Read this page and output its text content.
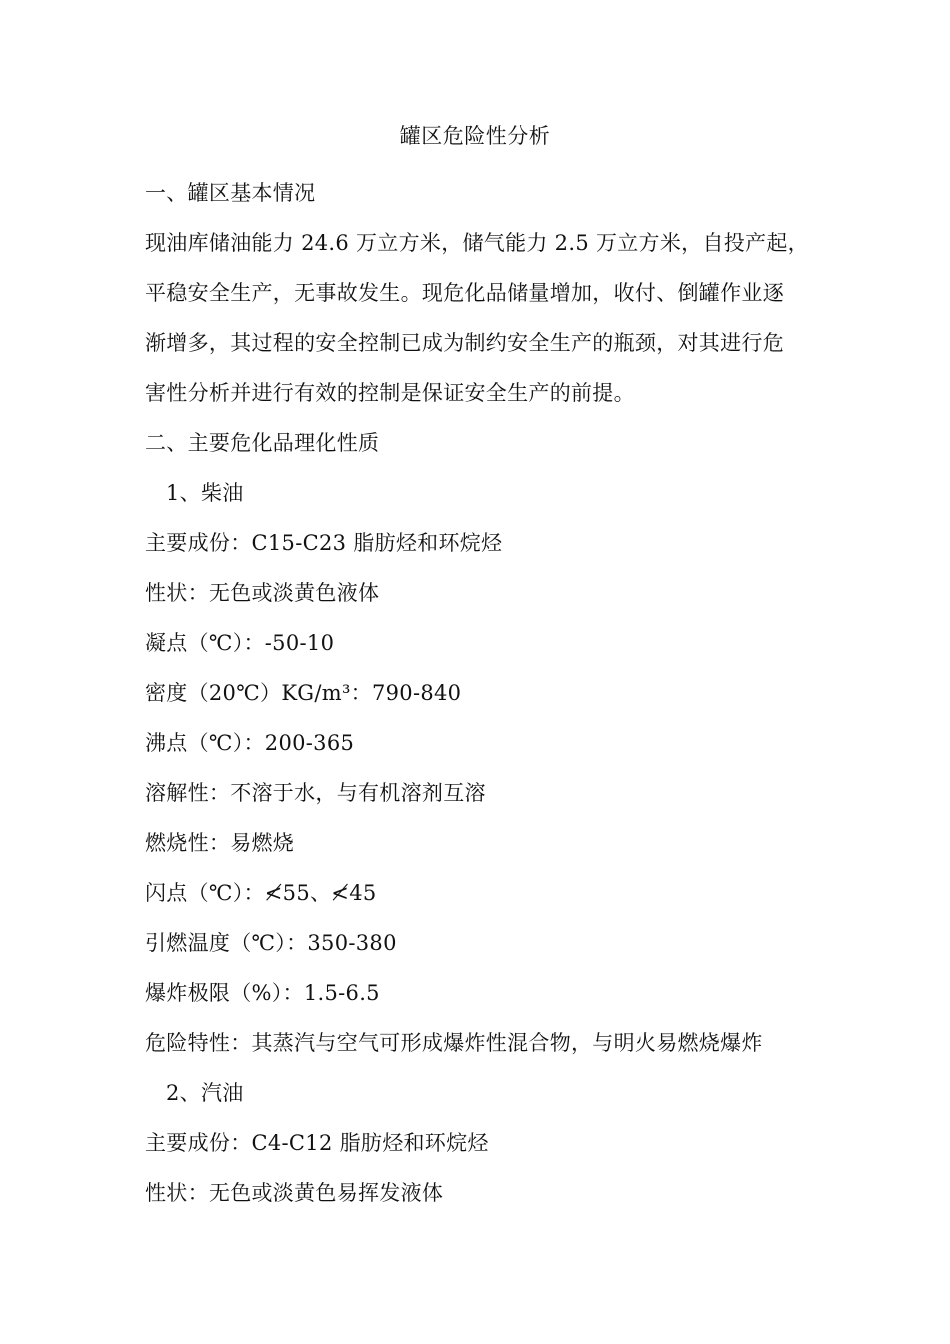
罐区危险性分析
一、罐区基本情况
现油库储油能力 24.6 万立方米，储气能力 2.5 万立方米，自投产起，
平稳安全生产，无事故发生。现危化品储量增加，收付、倒罐作业逐
渐增多，其过程的安全控制已成为制约安全生产的瓶颈，对其进行危
害性分析并进行有效的控制是保证安全生产的前提。
二、主要危化品理化性质
1、柴油
主要成份：C15-C23 脂肪烃和环烷烃
性状：无色或淡黄色液体
凝点（℃）：-50-10
密度（20℃）KG/m³：790-840
沸点（℃）：200-365
溶解性：不溶于水，与有机溶剂互溶
燃烧性：易燃烧
闪点（℃）：≮55、≮45
引燃温度（℃）：350-380
爆炸极限（%）：1.5-6.5
危险特性：其蒸汽与空气可形成爆炸性混合物，与明火易燃烧爆炸
2、汽油
主要成份：C4-C12 脂肪烃和环烷烃
性状：无色或淡黄色易挥发液体
